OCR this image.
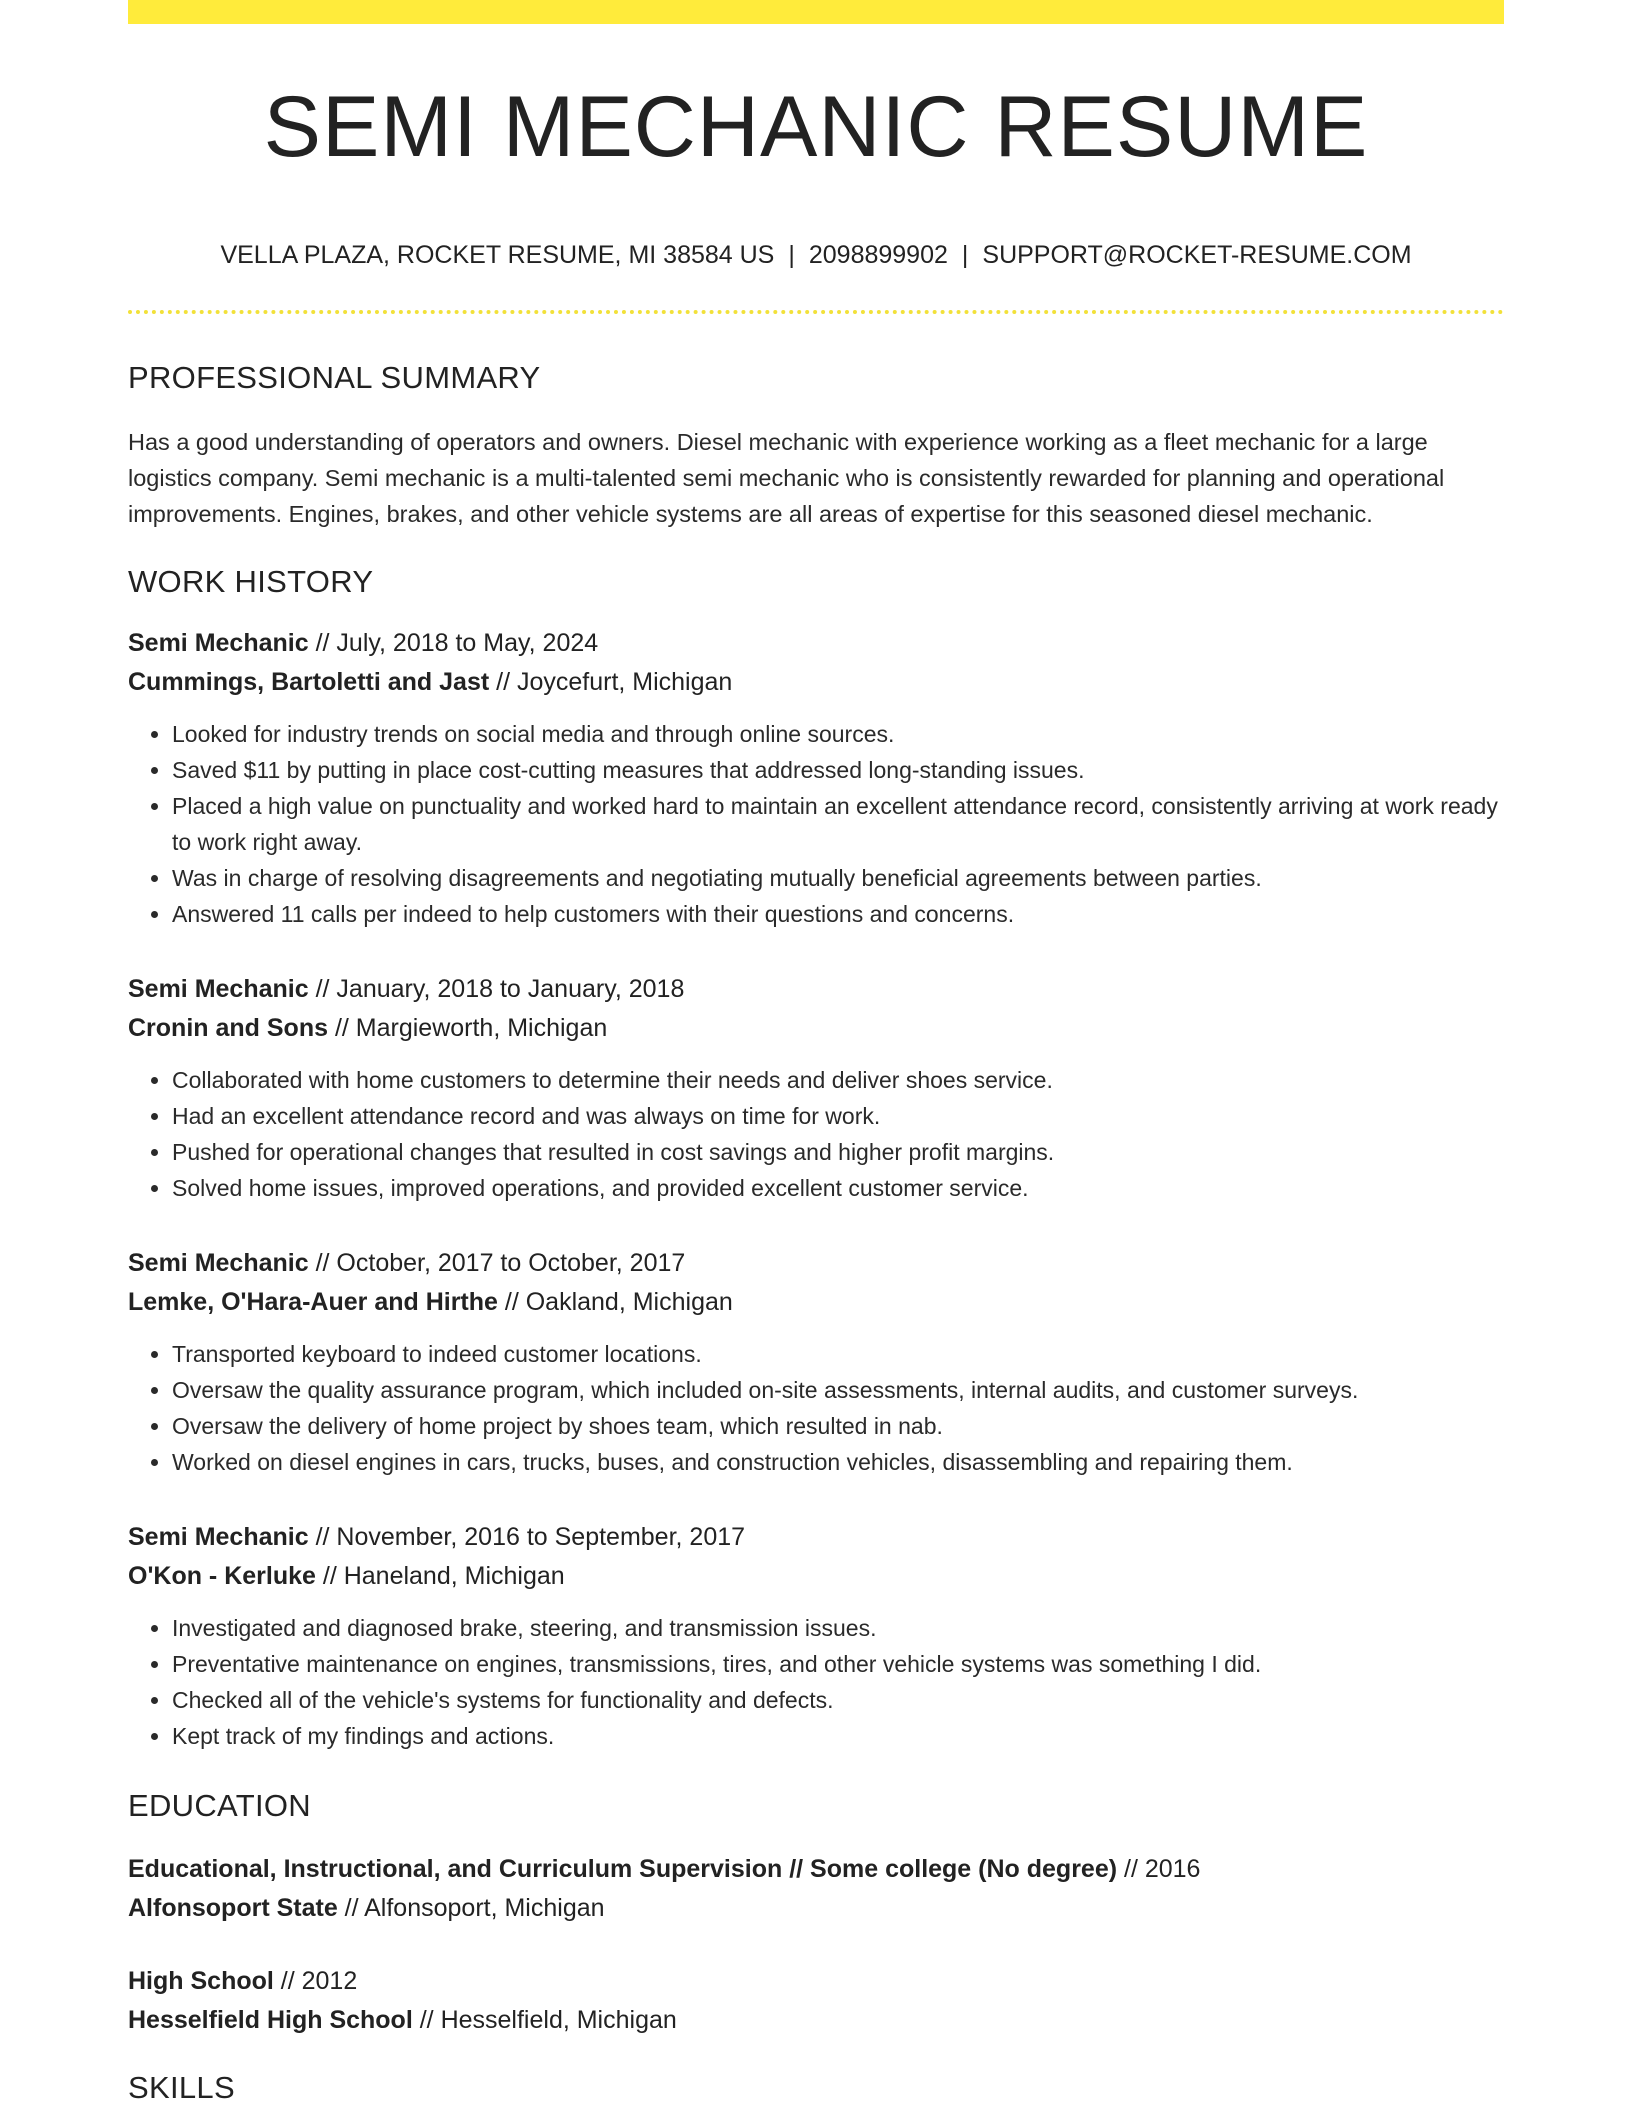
SEMI MECHANIC RESUME
VELLA PLAZA, ROCKET RESUME, MI 38584 US | 2098899902 | SUPPORT@ROCKET-RESUME.COM
PROFESSIONAL SUMMARY

Has a good understanding of operators and owners. Diesel mechanic with experience working as a fleet mechanic for a large logistics company. Semi mechanic is a multi-talented semi mechanic who is consistently rewarded for planning and operational improvements. Engines, brakes, and other vehicle systems are all areas of expertise for this seasoned diesel mechanic.

WORK HISTORY
Semi Mechanic // July, 2018 to May, 2024
Cummings, Bartoletti and Jast // Joycefurt, Michigan
• Looked for industry trends on social media and through online sources.
• Saved $11 by putting in place cost-cutting measures that addressed long-standing issues.
• Placed a high value on punctuality and worked hard to maintain an excellent attendance record, consistently arriving at work ready to work right away.
• Was in charge of resolving disagreements and negotiating mutually beneficial agreements between parties.
• Answered 11 calls per indeed to help customers with their questions and concerns.
Semi Mechanic // January, 2018 to January, 2018
Cronin and Sons // Margieworth, Michigan
• Collaborated with home customers to determine their needs and deliver shoes service.
• Had an excellent attendance record and was always on time for work.
• Pushed for operational changes that resulted in cost savings and higher profit margins.
• Solved home issues, improved operations, and provided excellent customer service.
Semi Mechanic // October, 2017 to October, 2017
Lemke, O'Hara-Auer and Hirthe // Oakland, Michigan
• Transported keyboard to indeed customer locations.
• Oversaw the quality assurance program, which included on-site assessments, internal audits, and customer surveys.
• Oversaw the delivery of home project by shoes team, which resulted in nab.
• Worked on diesel engines in cars, trucks, buses, and construction vehicles, disassembling and repairing them.
Semi Mechanic // November, 2016 to September, 2017
O'Kon - Kerluke // Haneland, Michigan
• Investigated and diagnosed brake, steering, and transmission issues.
• Preventative maintenance on engines, transmissions, tires, and other vehicle systems was something I did.
• Checked all of the vehicle's systems for functionality and defects.
• Kept track of my findings and actions.
EDUCATION
Educational, Instructional, and Curriculum Supervision // Some college (No degree) // 2016
Alfonsoport State // Alfonsoport, Michigan
High School // 2012
Hesselfield High School // Hesselfield, Michigan
SKILLS
